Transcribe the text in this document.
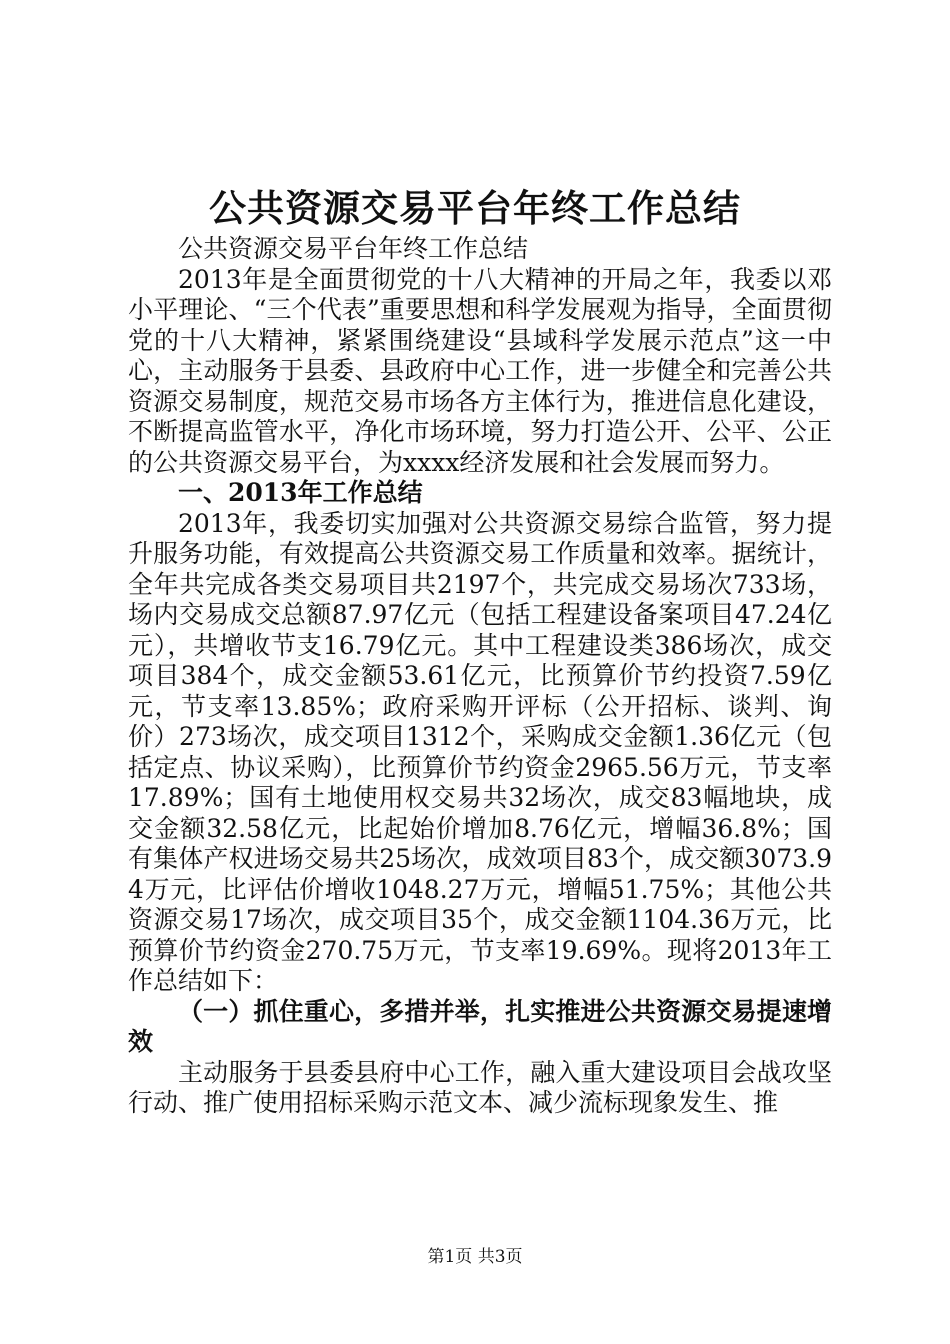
公共资源交易平台年终工作总结

公共资源交易平台年终工作总结

2013年是全面贯彻党的十八大精神的开局之年，我委以邓小平理论、“三个代表”重要思想和科学发展观为指导，全面贯彻党的十八大精神，紧紧围绕建设“县域科学发展示范点”这一中心，主动服务于县委、县政府中心工作，进一步健全和完善公共资源交易制度，规范交易市场各方主体行为，推进信息化建设，不断提高监管水平，净化市场环境，努力打造公开、公平、公正的公共资源交易平台，为xxxx经济发展和社会发展而努力。

一、2013年工作总结

2013年，我委切实加强对公共资源交易综合监管，努力提升服务功能，有效提高公共资源交易工作质量和效率。据统计，全年共完成各类交易项目共2197个，共完成交易场次733场，场内交易成交总额87.97亿元（包括工程建设备案项目47.24亿元），共增收节支16.79亿元。其中工程建设类386场次，成交项目384个，成交金额53.61亿元，比预算价节约投资7.59亿元，节支率13.85%；政府采购开评标（公开招标、谈判、询价）273场次，成交项目1312个，采购成交金额1.36亿元（包括定点、协议采购），比预算价节约资金2965.56万元，节支率17.89%；国有土地使用权交易共32场次，成交83幅地块，成交金额32.58亿元，比起始价增加8.76亿元，增幅36.8%；国有集体产权进场交易共25场次，成效项目83个，成交额3073.94万元，比评估价增收1048.27万元，增幅51.75%；其他公共资源交易17场次，成交项目35个，成交金额1104.36万元，比预算价节约资金270.75万元，节支率19.69%。现将2013年工作总结如下：

（一）抓住重心，多措并举，扎实推进公共资源交易提速增效

主动服务于县委县府中心工作，融入重大建设项目会战攻坚行动、推广使用招标采购示范文本、减少流标现象发生、推

第1页 共3页
